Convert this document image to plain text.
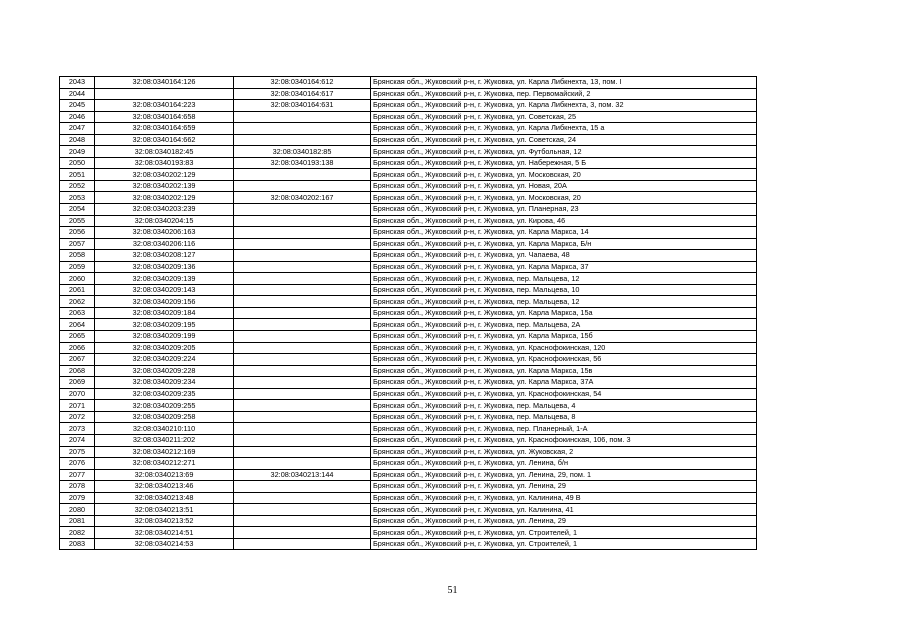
2043	32:08:0340164:126	32:08:0340164:612	Брянская обл., Жуковский р-н, г. Жуковка, ул. Карла Либкнехта, 13, пом. I
2044		32:08:0340164:617	Брянская обл., Жуковский р-н, г. Жуковка, пер. Первомайский, 2
2045	32:08:0340164:223	32:08:0340164:631	Брянская обл., Жуковский р-н, г. Жуковка, ул. Карла Либкнехта, 3, пом. 32
2046	32:08:0340164:658		Брянская обл., Жуковский р-н, г. Жуковка, ул. Советская, 25
2047	32:08:0340164:659		Брянская обл., Жуковский р-н, г. Жуковка, ул. Карла Либкнехта, 15 а
2048	32:08:0340164:662		Брянская обл., Жуковский р-н, г. Жуковка, ул. Советская, 24
2049	32:08:0340182:45	32:08:0340182:85	Брянская обл., Жуковский р-н, г. Жуковка, ул. Футбольная, 12
2050	32:08:0340193:83	32:08:0340193:138	Брянская обл., Жуковский р-н, г. Жуковка, ул. Набережная, 5 Б
2051	32:08:0340202:129		Брянская обл., Жуковский р-н, г. Жуковка, ул. Московская, 20
2052	32:08:0340202:139		Брянская обл., Жуковский р-н, г. Жуковка, ул. Новая, 20А
2053	32:08:0340202:129	32:08:0340202:167	Брянская обл., Жуковский р-н, г. Жуковка, ул. Московская, 20
2054	32:08:0340203:239		Брянская обл., Жуковский р-н, г. Жуковка, ул. Планерная, 23
2055	32:08:0340204:15		Брянская обл., Жуковский р-н, г. Жуковка, ул. Кирова, 46
2056	32:08:0340206:163		Брянская обл., Жуковский р-н, г. Жуковка, ул. Карла Маркса, 14
2057	32:08:0340206:116		Брянская обл., Жуковский р-н, г. Жуковка, ул. Карла Маркса, Б/н
2058	32:08:0340208:127		Брянская обл., Жуковский р-н, г. Жуковка, ул. Чапаева, 48
2059	32:08:0340209:136		Брянская обл., Жуковский р-н, г. Жуковка, ул. Карла Маркса, 37
2060	32:08:0340209:139		Брянская обл., Жуковский р-н, г. Жуковка, пер. Мальцева, 12
2061	32:08:0340209:143		Брянская обл., Жуковский р-н, г. Жуковка, пер. Мальцева, 10
2062	32:08:0340209:156		Брянская обл., Жуковский р-н, г. Жуковка, пер. Мальцева, 12
2063	32:08:0340209:184		Брянская обл., Жуковский р-н, г. Жуковка, ул. Карла Маркса, 15а
2064	32:08:0340209:195		Брянская обл., Жуковский р-н, г. Жуковка, пер. Мальцева, 2А
2065	32:08:0340209:199		Брянская обл., Жуковский р-н, г. Жуковка, ул. Карла Маркса, 15б
2066	32:08:0340209:205		Брянская обл., Жуковский р-н, г. Жуковка, ул. Краснофокинская, 120
2067	32:08:0340209:224		Брянская обл., Жуковский р-н, г. Жуковка, ул. Краснофокинская, 56
2068	32:08:0340209:228		Брянская обл., Жуковский р-н, г. Жуковка, ул. Карла Маркса, 15в
2069	32:08:0340209:234		Брянская обл., Жуковский р-н, г. Жуковка, ул. Карла Маркса, 37А
2070	32:08:0340209:235		Брянская обл., Жуковский р-н, г. Жуковка, ул. Краснофокинская, 54
2071	32:08:0340209:255		Брянская обл., Жуковский р-н, г. Жуковка, пер. Мальцева, 4
2072	32:08:0340209:258		Брянская обл., Жуковский р-н, г. Жуковка, пер. Мальцева, 8
2073	32:08:0340210:110		Брянская обл., Жуковский р-н, г. Жуковка, пер. Планерный, 1-А
2074	32:08:0340211:202		Брянская обл., Жуковский р-н, г. Жуковка, ул. Краснофокинская, 106, пом. 3
2075	32:08:0340212:169		Брянская обл., Жуковский р-н, г. Жуковка, ул. Жуковская, 2
2076	32:08:0340212:271		Брянская обл., Жуковский р-н, г. Жуковка, ул. Ленина, б/н
2077	32:08:0340213:69	32:08:0340213:144	Брянская обл., Жуковский р-н, г. Жуковка, ул. Ленина, 29, пом. 1
2078	32:08:0340213:46		Брянская обл., Жуковский р-н, г. Жуковка, ул. Ленина, 29
2079	32:08:0340213:48		Брянская обл., Жуковский р-н, г. Жуковка, ул. Калинина, 49 В
2080	32:08:0340213:51		Брянская обл., Жуковский р-н, г. Жуковка, ул. Калинина, 41
2081	32:08:0340213:52		Брянская обл., Жуковский р-н, г. Жуковка, ул. Ленина, 29
2082	32:08:0340214:51		Брянская обл., Жуковский р-н, г. Жуковка, ул. Строителей, 1
2083	32:08:0340214:53		Брянская обл., Жуковский р-н, г. Жуковка, ул. Строителей, 1
51
